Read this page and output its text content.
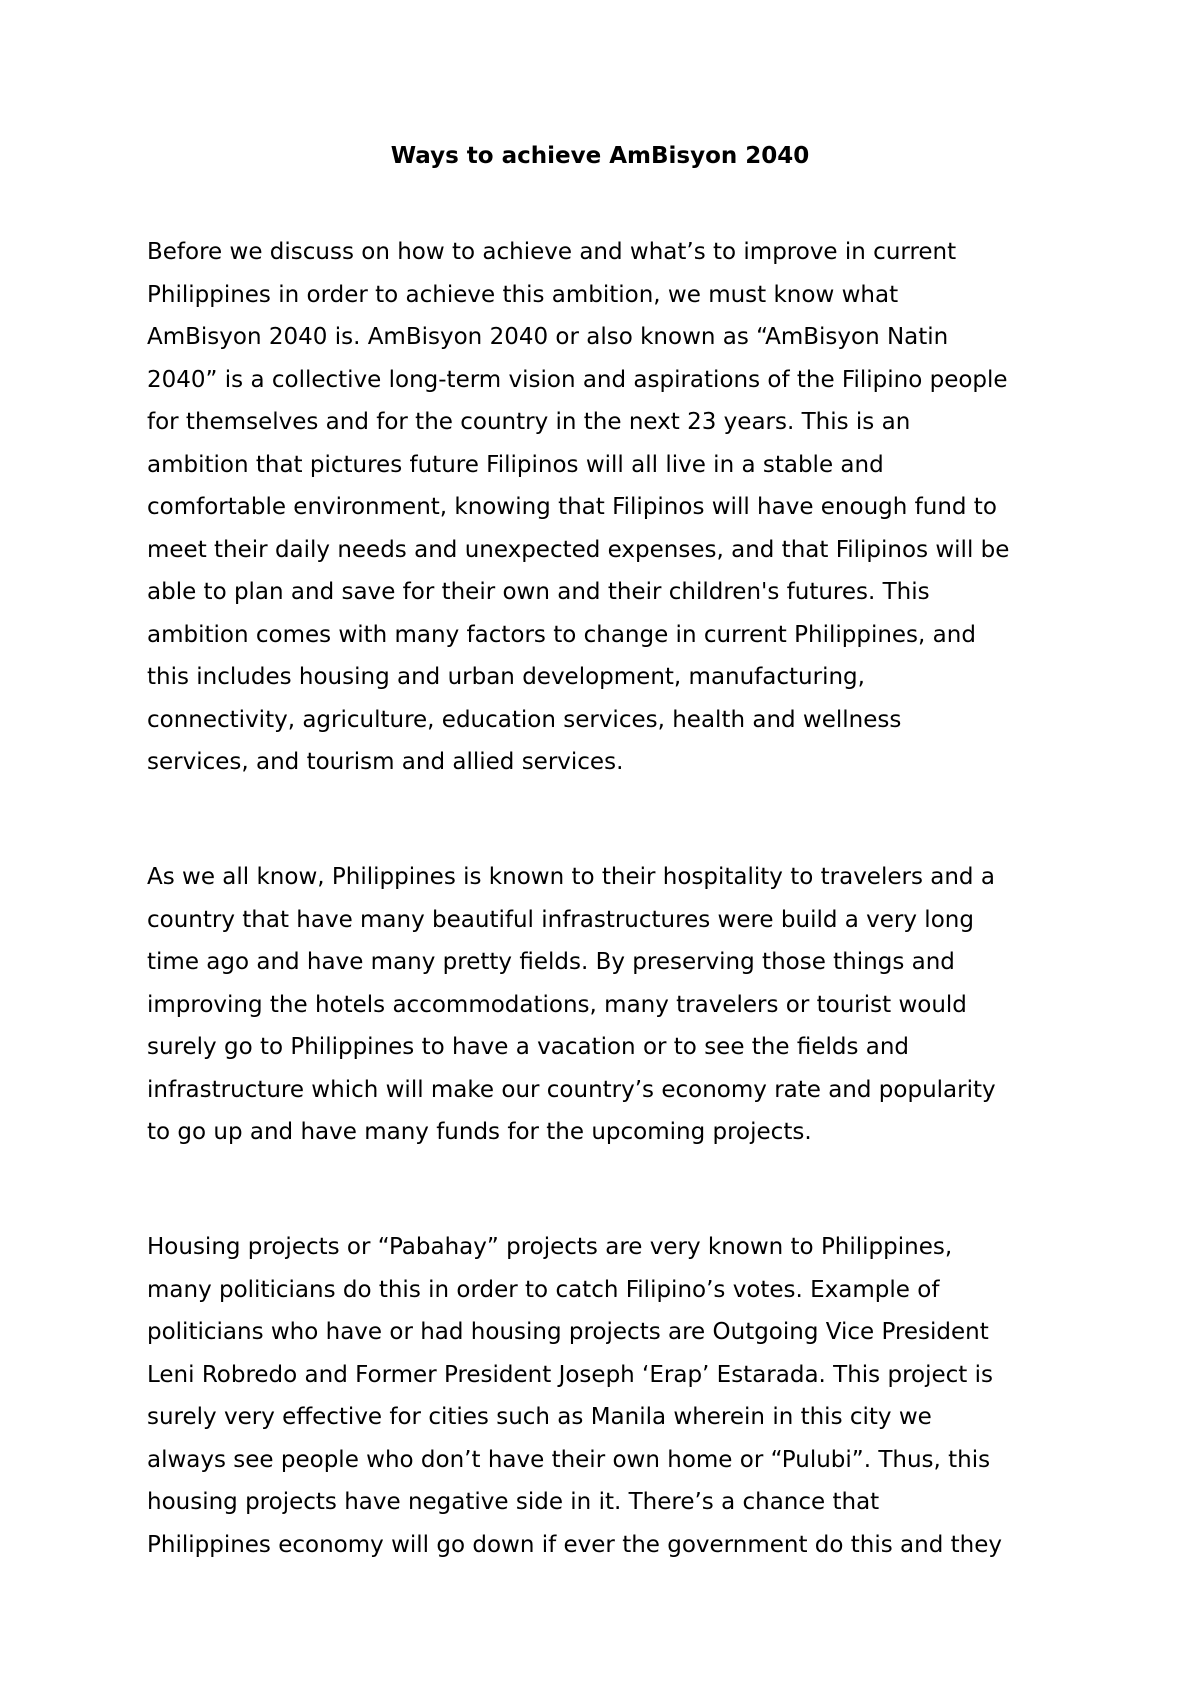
Ways to achieve AmBisyon 2040
Before we discuss on how to achieve and what’s to improve in current
Philippines in order to achieve this ambition, we must know what
AmBisyon 2040 is. AmBisyon 2040 or also known as “AmBisyon Natin
2040” is a collective long-term vision and aspirations of the Filipino people
for themselves and for the country in the next 23 years. This is an
ambition that pictures future Filipinos will all live in a stable and
comfortable environment, knowing that Filipinos will have enough fund to
meet their daily needs and unexpected expenses, and that Filipinos will be
able to plan and save for their own and their children's futures. This
ambition comes with many factors to change in current Philippines, and
this includes housing and urban development, manufacturing,
connectivity, agriculture, education services, health and wellness
services, and tourism and allied services.
As we all know, Philippines is known to their hospitality to travelers and a
country that have many beautiful infrastructures were build a very long
time ago and have many pretty fields. By preserving those things and
improving the hotels accommodations, many travelers or tourist would
surely go to Philippines to have a vacation or to see the fields and
infrastructure which will make our country’s economy rate and popularity
to go up and have many funds for the upcoming projects.
Housing projects or “Pabahay” projects are very known to Philippines,
many politicians do this in order to catch Filipino’s votes. Example of
politicians who have or had housing projects are Outgoing Vice President
Leni Robredo and Former President Joseph ‘Erap’ Estarada. This project is
surely very effective for cities such as Manila wherein in this city we
always see people who don’t have their own home or “Pulubi”. Thus, this
housing projects have negative side in it. There’s a chance that
Philippines economy will go down if ever the government do this and they
